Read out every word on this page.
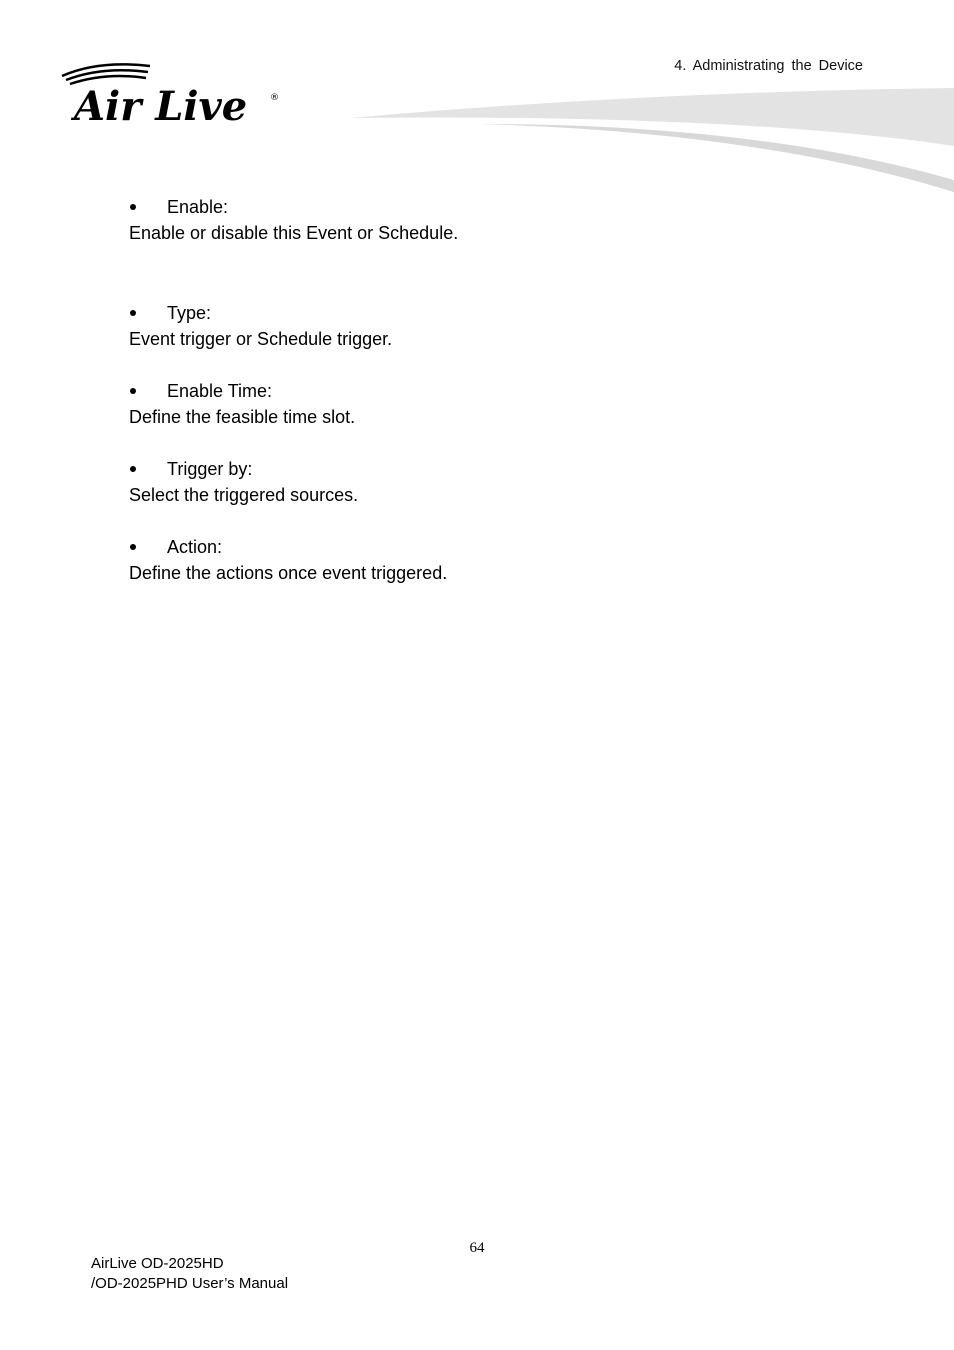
4. Administrating the Device
Air Live	®
Enable:
Enable or disable this Event or Schedule.
Type:
Event trigger or Schedule trigger.
Enable Time:
Define the feasible time slot.
Trigger by:
Select the triggered sources.
Action:
Define the actions once event triggered.
64
AirLive OD-2025HD
/OD-2025PHD User’s Manual
